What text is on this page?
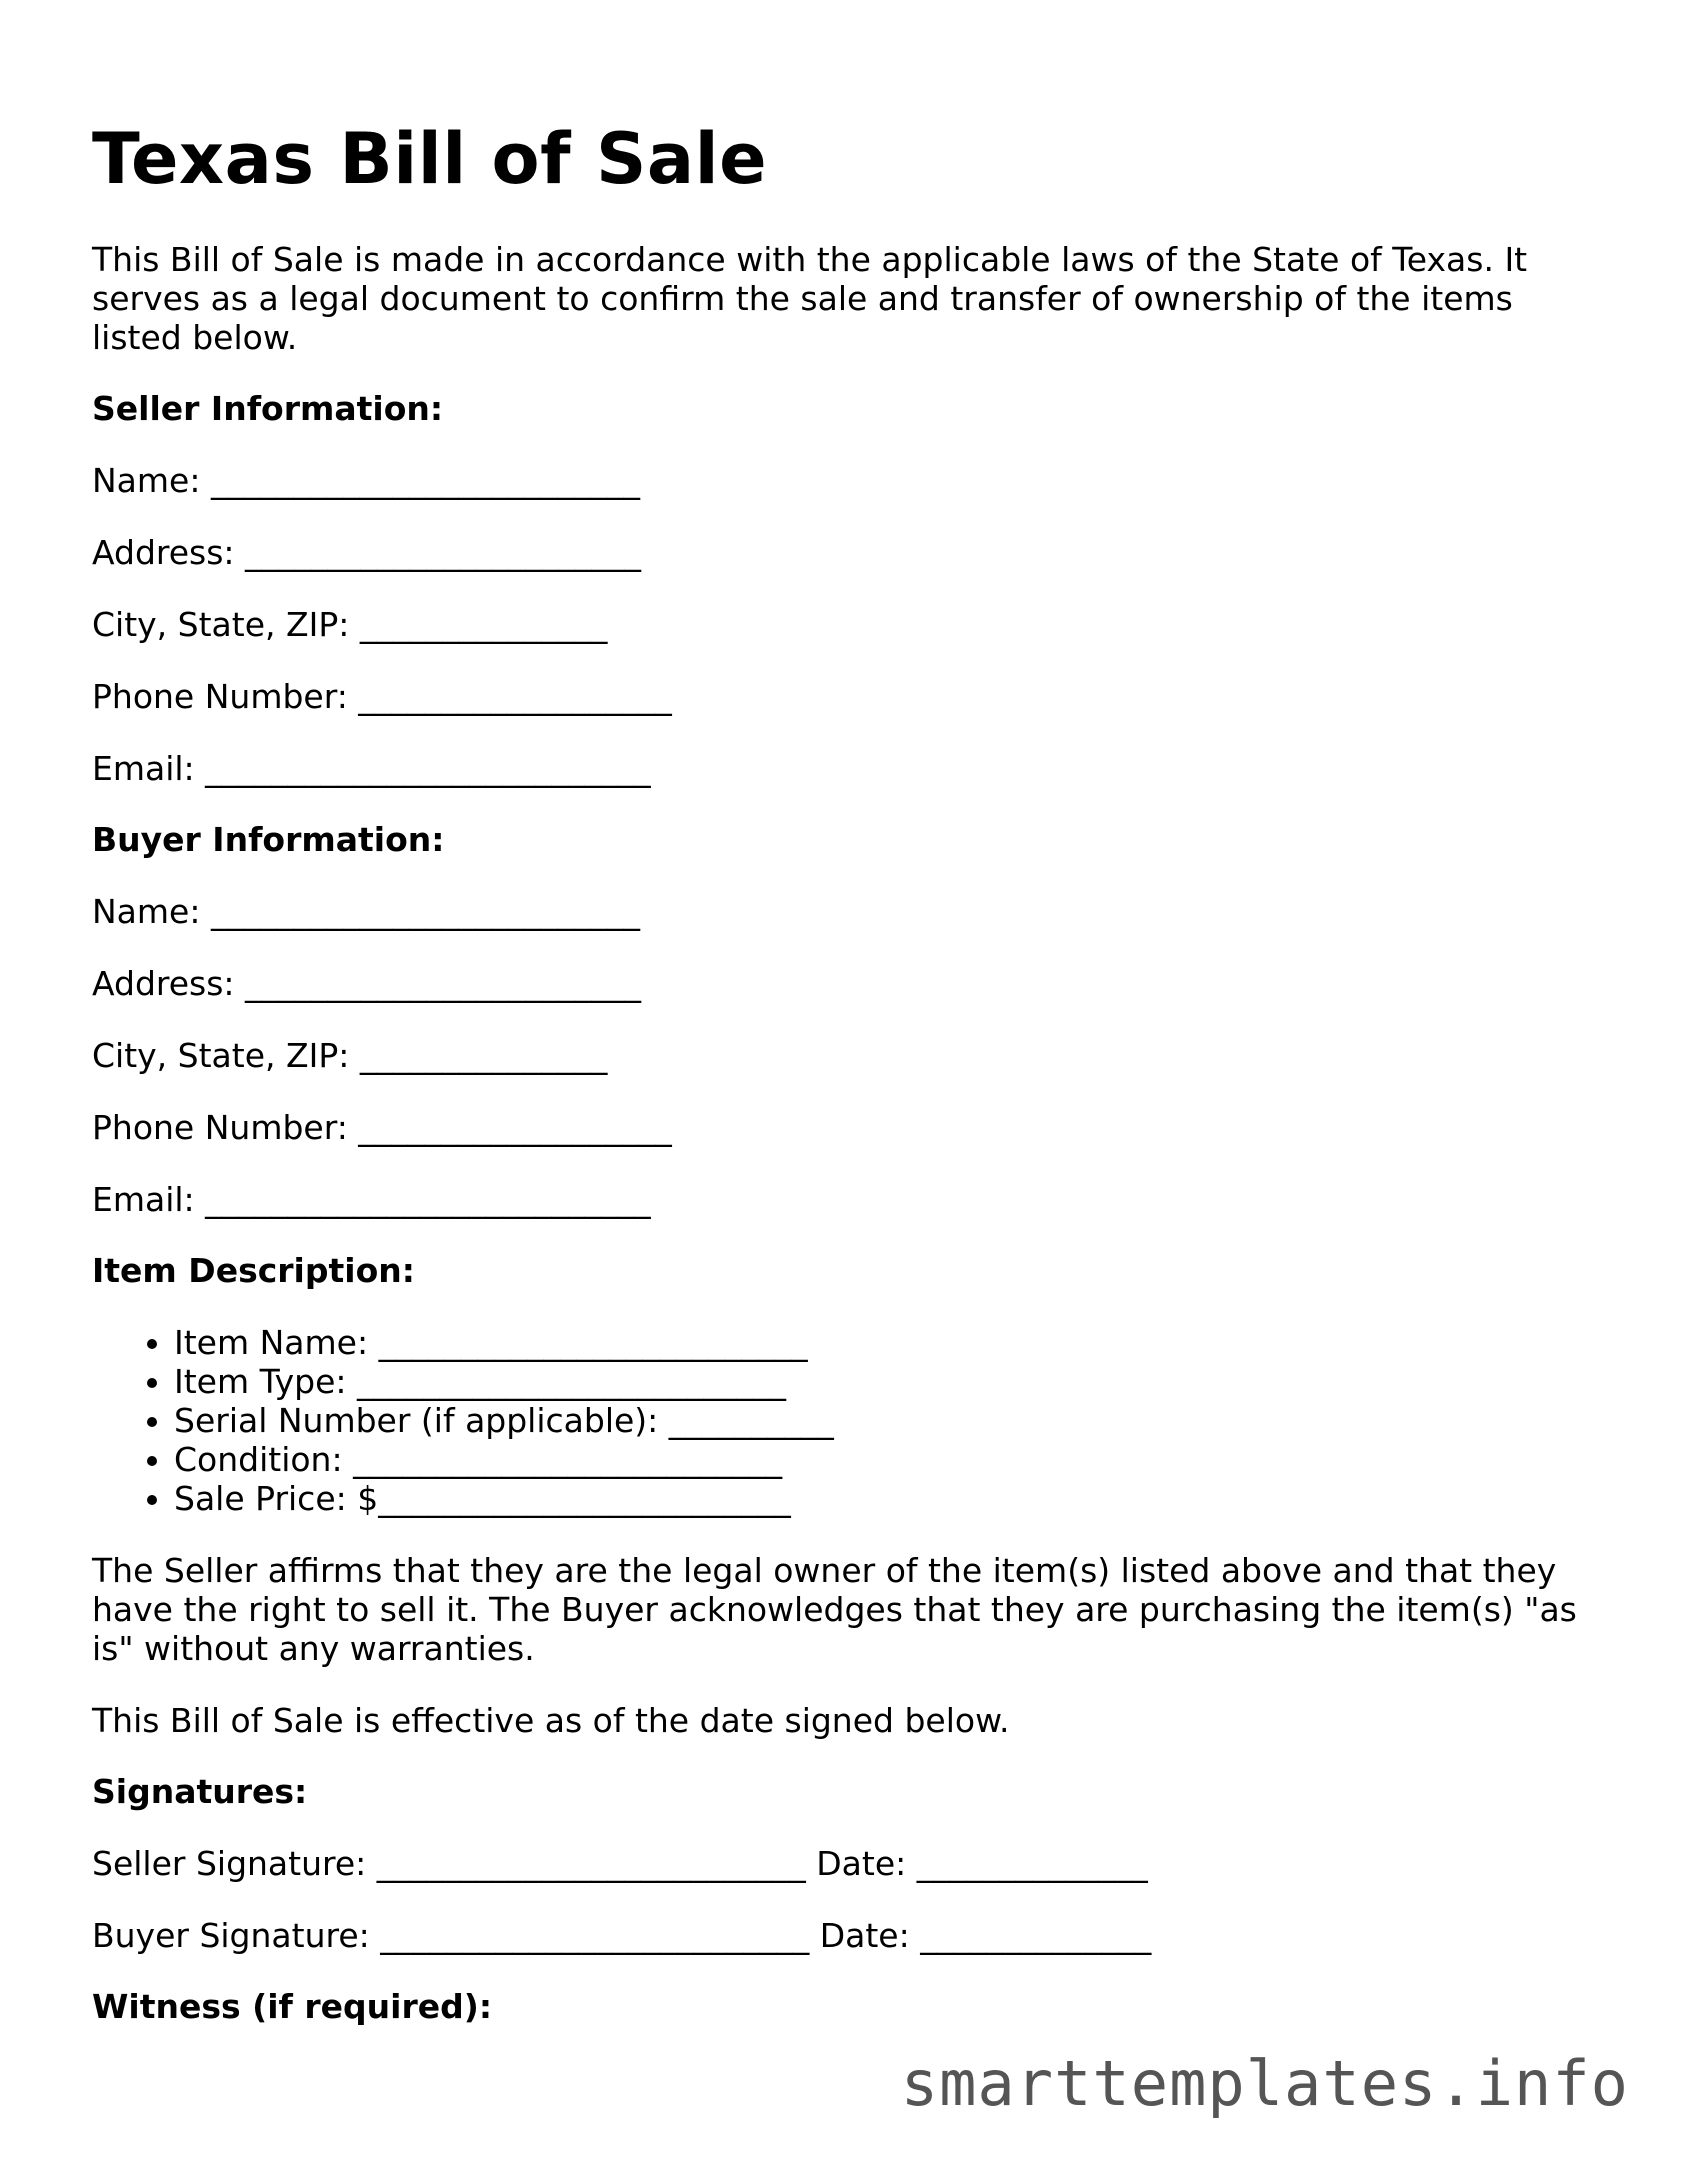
Texas Bill of Sale

This Bill of Sale is made in accordance with the applicable laws of the State of Texas. It serves as a legal document to confirm the sale and transfer of ownership of the items listed below.

Seller Information:

Name: __________________________

Address: ________________________

City, State, ZIP: _______________

Phone Number: ___________________

Email: ___________________________

Buyer Information:

Name: __________________________

Address: ________________________

City, State, ZIP: _______________

Phone Number: ___________________

Email: ___________________________

Item Description:

• Item Name: __________________________
• Item Type: __________________________
• Serial Number (if applicable): __________
• Condition: __________________________
• Sale Price: $_________________________

The Seller affirms that they are the legal owner of the item(s) listed above and that they have the right to sell it. The Buyer acknowledges that they are purchasing the item(s) "as is" without any warranties.

This Bill of Sale is effective as of the date signed below.

Signatures:

Seller Signature: __________________________ Date: ______________

Buyer Signature: __________________________ Date: ______________

Witness (if required):

smarttemplates.info
